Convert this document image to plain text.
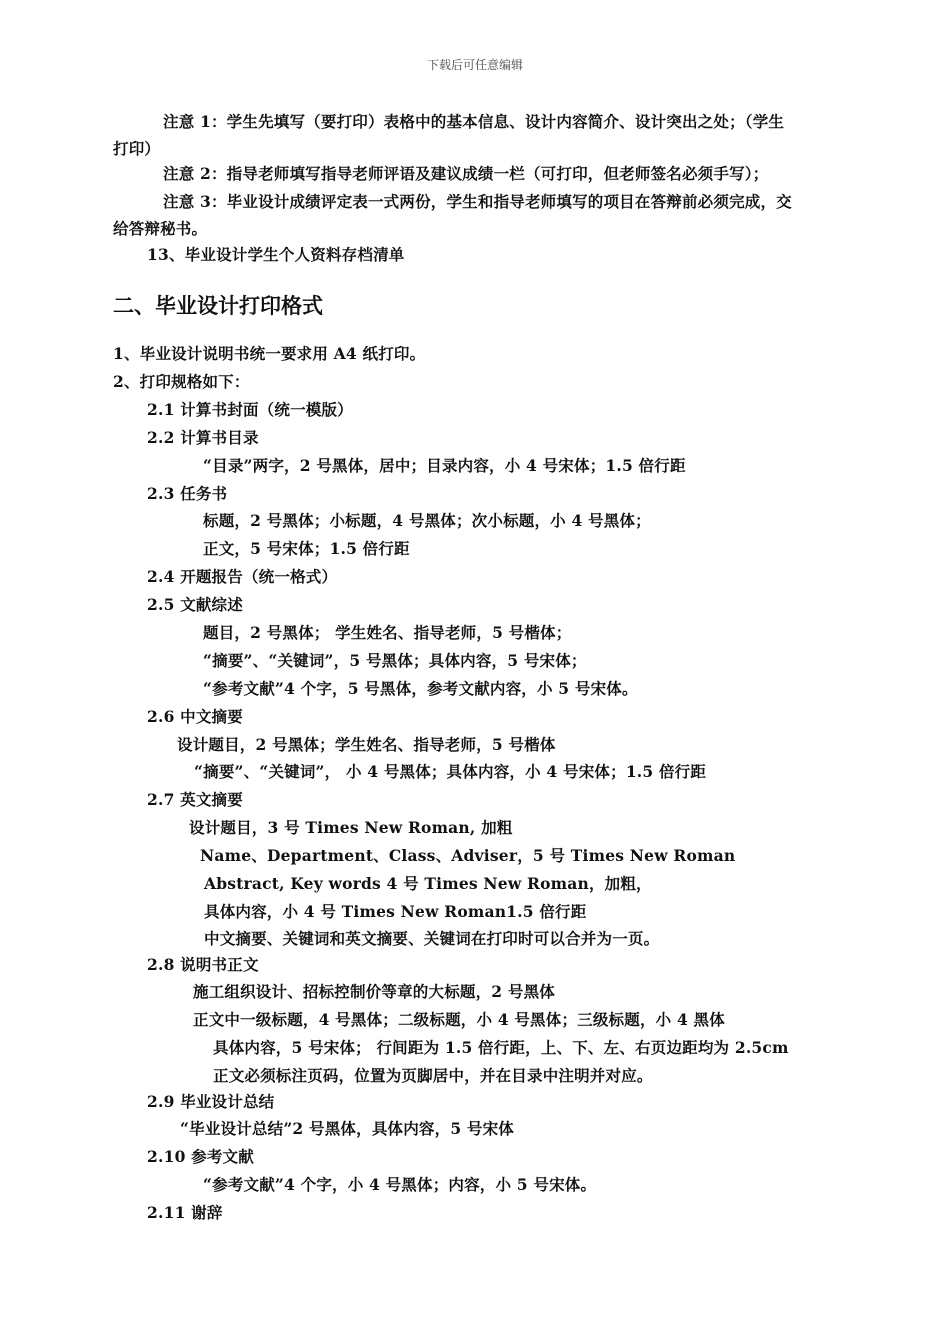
下载后可任意编辑
注意 1：学生先填写（要打印）表格中的基本信息、设计内容简介、设计突出之处；（学生
打印）
注意 2：指导老师填写指导老师评语及建议成绩一栏（可打印，但老师签名必须手写）；
注意 3：毕业设计成绩评定表一式两份，学生和指导老师填写的项目在答辩前必须完成，交
给答辩秘书。
13、毕业设计学生个人资料存档清单
二、毕业设计打印格式
1、毕业设计说明书统一要求用 A4 纸打印。
2、打印规格如下：
2.1 计算书封面（统一模版）
2.2 计算书目录
“目录”两字，2 号黑体，居中；目录内容，小 4 号宋体；1.5 倍行距
2.3 任务书
标题，2 号黑体；小标题，4 号黑体；次小标题，小 4 号黑体；
正文，5 号宋体；1.5 倍行距
2.4 开题报告（统一格式）
2.5 文献综述
题目，2 号黑体； 学生姓名、指导老师，5 号楷体；
“摘要”、“关键词”，5 号黑体；具体内容，5 号宋体；
“参考文献”4 个字，5 号黑体，参考文献内容，小 5 号宋体。
2.6 中文摘要
设计题目，2 号黑体；学生姓名、指导老师，5 号楷体
“摘要”、“关键词”， 小 4 号黑体；具体内容，小 4 号宋体；1.5 倍行距
2.7 英文摘要
设计题目，3 号 Times New Roman, 加粗
Name、Department、Class、Adviser，5 号 Times New Roman
Abstract, Key words 4 号 Times New Roman，加粗，
具体内容，小 4 号 Times New Roman1.5 倍行距
中文摘要、关键词和英文摘要、关键词在打印时可以合并为一页。
2.8 说明书正文
施工组织设计、招标控制价等章的大标题，2 号黑体
正文中一级标题，4 号黑体；二级标题，小 4 号黑体；三级标题，小 4 黑体
具体内容，5 号宋体； 行间距为 1.5 倍行距，上、下、左、右页边距均为 2.5cm
正文必须标注页码，位置为页脚居中，并在目录中注明并对应。
2.9 毕业设计总结
“毕业设计总结”2 号黑体，具体内容，5 号宋体
2.10 参考文献
“参考文献”4 个字，小 4 号黑体；内容，小 5 号宋体。
2.11 谢辞
